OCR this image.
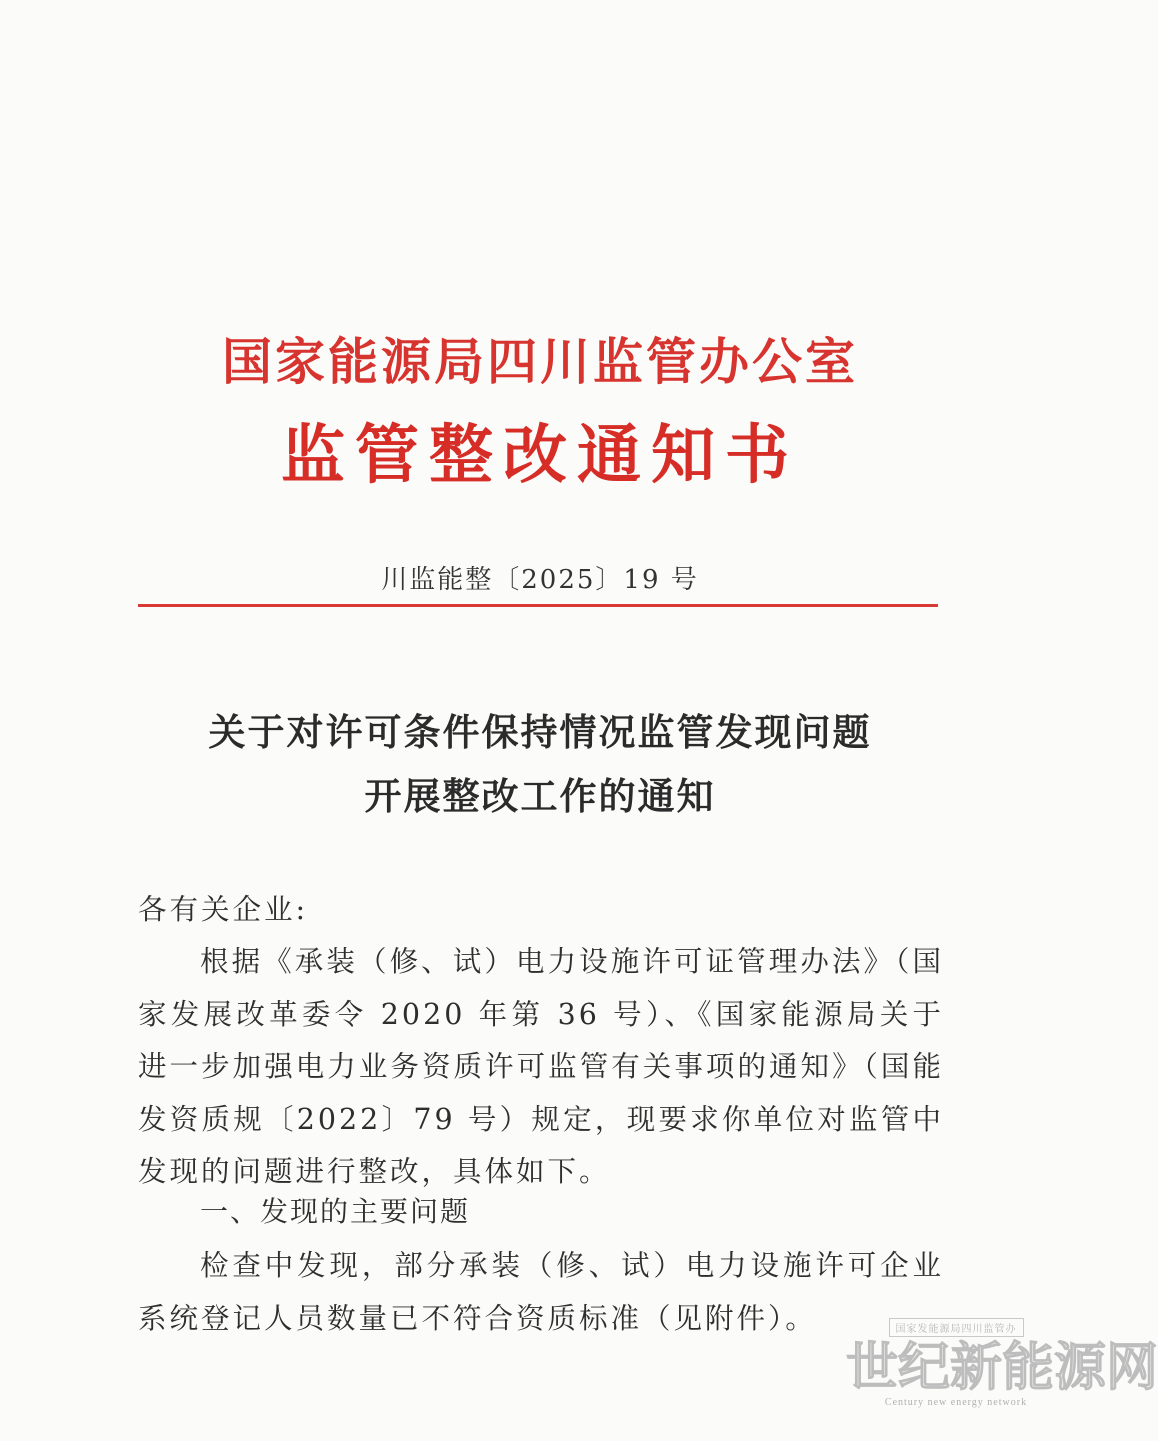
国家能源局四川监管办公室
监管整改通知书
川监能整〔2025〕19 号
关于对许可条件保持情况监管发现问题
开展整改工作的通知
各有关企业:
根据《承装（修、试）电力设施许可证管理办法》（国家发展改革委令 2020 年第 36 号）、《国家能源局关于进一步加强电力业务资质许可监管有关事项的通知》（国能发资质规〔2022〕79 号）规定，现要求你单位对监管中发现的问题进行整改，具体如下。
一、发现的主要问题
检查中发现，部分承装（修、试）电力设施许可企业系统登记人员数量已不符合资质标准（见附件）。	国家发能源局四川监管办
世纪新能源网
Century new energy network
